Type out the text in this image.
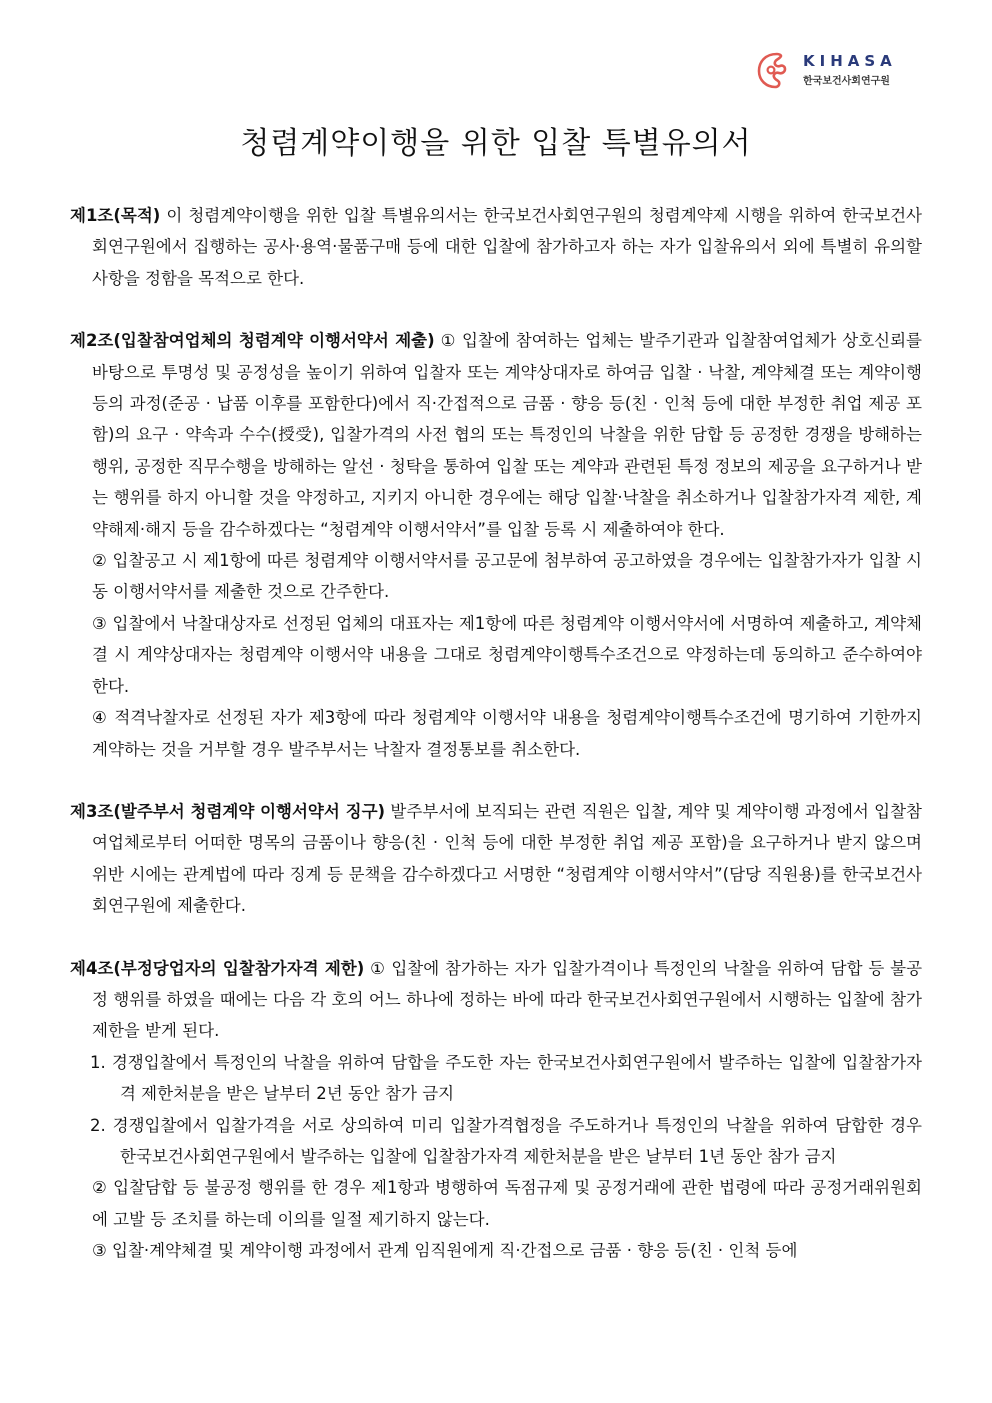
KIHASA
한국보건사회연구원
청렴계약이행을 위한 입찰 특별유의서

제1조(목적) 이 청렴계약이행을 위한 입찰 특별유의서는 한국보건사회연구원의 청렴계약제 시행을 위하여 한국보건사회연구원에서 집행하는 공사·용역·물품구매 등에 대한 입찰에 참가하고자 하는 자가 입찰유의서 외에 특별히 유의할 사항을 정함을 목적으로 한다.

제2조(입찰참여업체의 청렴계약 이행서약서 제출) ① 입찰에 참여하는 업체는 발주기관과 입찰참여업체가 상호신뢰를 바탕으로 투명성 및 공정성을 높이기 위하여 입찰자 또는 계약상대자로 하여금 입찰 · 낙찰, 계약체결 또는 계약이행 등의 과정(준공 · 납품 이후를 포함한다)에서 직·간접적으로 금품 · 향응 등(친 · 인척 등에 대한 부정한 취업 제공 포함)의 요구 · 약속과 수수(授受), 입찰가격의 사전 협의 또는 특정인의 낙찰을 위한 담합 등 공정한 경쟁을 방해하는 행위, 공정한 직무수행을 방해하는 알선 · 청탁을 통하여 입찰 또는 계약과 관련된 특정 정보의 제공을 요구하거나 받는 행위를 하지 아니할 것을 약정하고, 지키지 아니한 경우에는 해당 입찰·낙찰을 취소하거나 입찰참가자격 제한, 계약해제·해지 등을 감수하겠다는 “청렴계약 이행서약서”를 입찰 등록 시 제출하여야 한다.

② 입찰공고 시 제1항에 따른 청렴계약 이행서약서를 공고문에 첨부하여 공고하였을 경우에는 입찰참가자가 입찰 시 동 이행서약서를 제출한 것으로 간주한다.

③ 입찰에서 낙찰대상자로 선정된 업체의 대표자는 제1항에 따른 청렴계약 이행서약서에 서명하여 제출하고, 계약체결 시 계약상대자는 청렴계약 이행서약 내용을 그대로 청렴계약이행특수조건으로 약정하는데 동의하고 준수하여야 한다.

④ 적격낙찰자로 선정된 자가 제3항에 따라 청렴계약 이행서약 내용을 청렴계약이행특수조건에 명기하여 기한까지 계약하는 것을 거부할 경우 발주부서는 낙찰자 결정통보를 취소한다.

제3조(발주부서 청렴계약 이행서약서 징구) 발주부서에 보직되는 관련 직원은 입찰, 계약 및 계약이행 과정에서 입찰참여업체로부터 어떠한 명목의 금품이나 향응(친 · 인척 등에 대한 부정한 취업 제공 포함)을 요구하거나 받지 않으며 위반 시에는 관계법에 따라 징계 등 문책을 감수하겠다고 서명한 “청렴계약 이행서약서”(담당 직원용)를 한국보건사회연구원에 제출한다.

제4조(부정당업자의 입찰참가자격 제한) ① 입찰에 참가하는 자가 입찰가격이나 특정인의 낙찰을 위하여 담합 등 불공정 행위를 하였을 때에는 다음 각 호의 어느 하나에 정하는 바에 따라 한국보건사회연구원에서 시행하는 입찰에 참가제한을 받게 된다.

1. 경쟁입찰에서 특정인의 낙찰을 위하여 담합을 주도한 자는 한국보건사회연구원에서 발주하는 입찰에 입찰참가자격 제한처분을 받은 날부터 2년 동안 참가 금지

2. 경쟁입찰에서 입찰가격을 서로 상의하여 미리 입찰가격협정을 주도하거나 특정인의 낙찰을 위하여 담합한 경우 한국보건사회연구원에서 발주하는 입찰에 입찰참가자격 제한처분을 받은 날부터 1년 동안 참가 금지

② 입찰담합 등 불공정 행위를 한 경우 제1항과 병행하여 독점규제 및 공정거래에 관한 법령에 따라 공정거래위원회에 고발 등 조치를 하는데 이의를 일절 제기하지 않는다.

③ 입찰·계약체결 및 계약이행 과정에서 관계 임직원에게 직·간접으로 금품 · 향응 등(친 · 인척 등에
